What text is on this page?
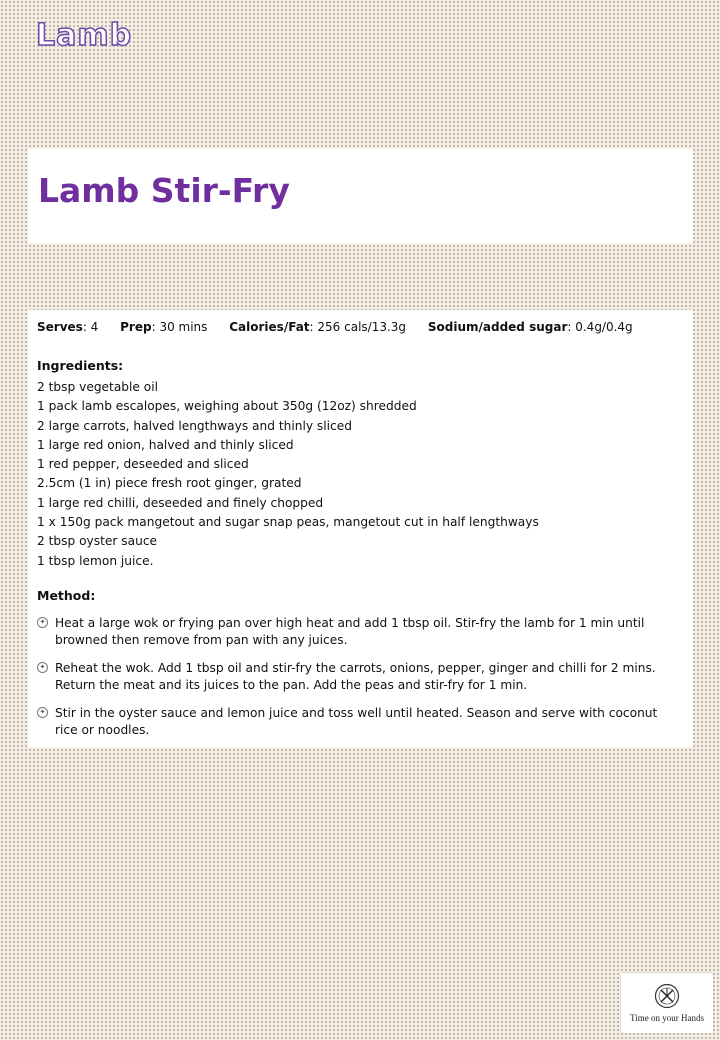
Lamb
Lamb Stir-Fry
Serves: 4 Prep: 30 mins Calories/Fat: 256 cals/13.3g Sodium/added sugar: 0.4g/0.4g
Ingredients:
2 tbsp vegetable oil
1 pack lamb escalopes, weighing about 350g (12oz) shredded
2 large carrots, halved lengthways and thinly sliced
1 large red onion, halved and thinly sliced
1 red pepper, deseeded and sliced
2.5cm (1 in) piece fresh root ginger, grated
1 large red chilli, deseeded and finely chopped
1 x 150g pack mangetout and sugar snap peas, mangetout cut in half lengthways
2 tbsp oyster sauce
1 tbsp lemon juice.
Method:
✦ Heat a large wok or frying pan over high heat and add 1 tbsp oil. Stir-fry the lamb for 1 min until browned then remove from pan with any juices.
✦ Reheat the wok. Add 1 tbsp oil and stir-fry the carrots, onions, pepper, ginger and chilli for 2 mins. Return the meat and its juices to the pan. Add the peas and stir-fry for 1 min.
✦ Stir in the oyster sauce and lemon juice and toss well until heated. Season and serve with coconut rice or noodles.
Time on your Hands
